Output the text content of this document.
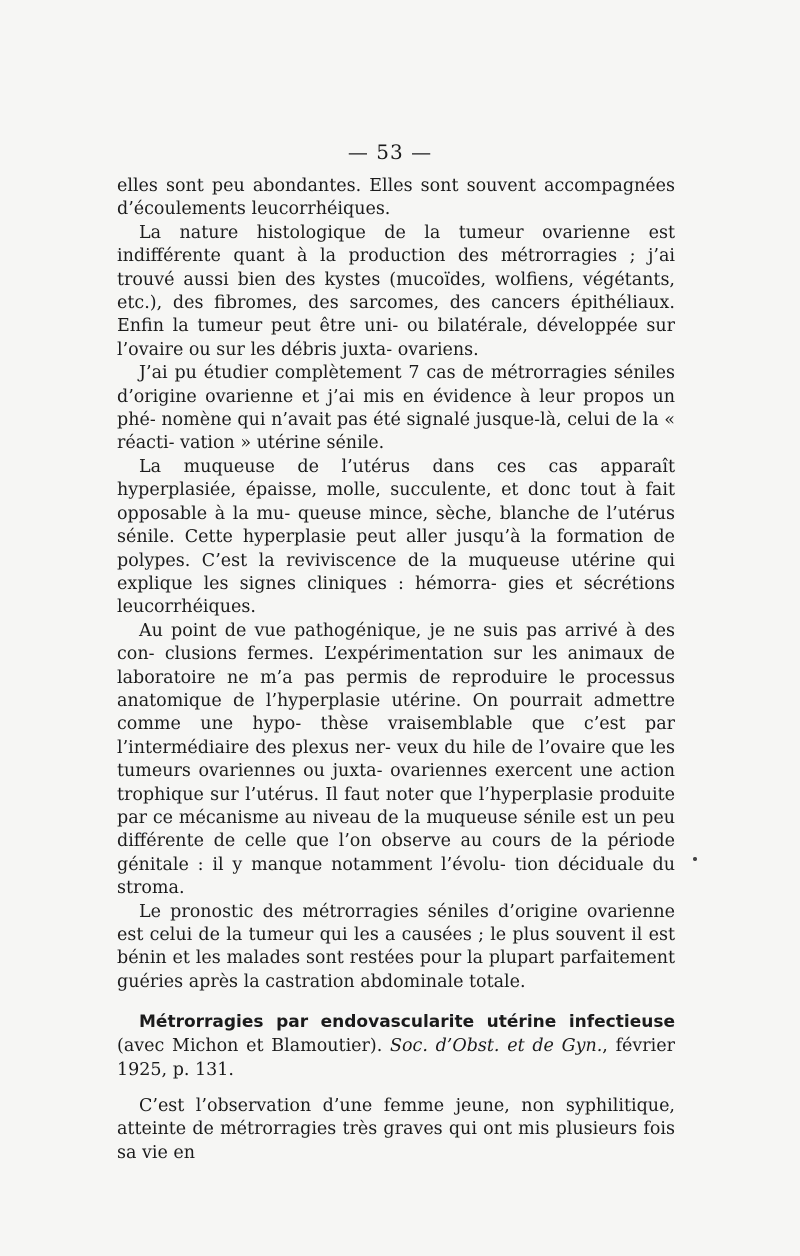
— 53 —

elles sont peu abondantes. Elles sont souvent accompagnées d’écoulements leucorrhéiques.

La nature histologique de la tumeur ovarienne est indifférente quant à la production des métrorragies ; j’ai trouvé aussi bien des kystes (mucoïdes, wolfiens, végétants, etc.), des fibromes, des sarcomes, des cancers épithéliaux. Enfin la tumeur peut être uni- ou bilatérale, développée sur l’ovaire ou sur les débris juxta- ovariens.

J’ai pu étudier complètement 7 cas de métrorragies séniles d’origine ovarienne et j’ai mis en évidence à leur propos un phé- nomène qui n’avait pas été signalé jusque-là, celui de la « réacti- vation » utérine sénile.

La muqueuse de l’utérus dans ces cas apparaît hyperplasiée, épaisse, molle, succulente, et donc tout à fait opposable à la mu- queuse mince, sèche, blanche de l’utérus sénile. Cette hyperplasie peut aller jusqu’à la formation de polypes. C’est la reviviscence de la muqueuse utérine qui explique les signes cliniques : hémorra- gies et sécrétions leucorrhéiques.

Au point de vue pathogénique, je ne suis pas arrivé à des con- clusions fermes. L’expérimentation sur les animaux de laboratoire ne m’a pas permis de reproduire le processus anatomique de l’hyperplasie utérine. On pourrait admettre comme une hypo- thèse vraisemblable que c’est par l’intermédiaire des plexus ner- veux du hile de l’ovaire que les tumeurs ovariennes ou juxta- ovariennes exercent une action trophique sur l’utérus. Il faut noter que l’hyperplasie produite par ce mécanisme au niveau de la muqueuse sénile est un peu différente de celle que l’on observe au cours de la période génitale : il y manque notamment l’évolu- tion déciduale du stroma.

Le pronostic des métrorragies séniles d’origine ovarienne est celui de la tumeur qui les a causées ; le plus souvent il est bénin et les malades sont restées pour la plupart parfaitement guéries après la castration abdominale totale.

Métrorragies par endovascularite utérine infectieuse (avec Michon et Blamoutier). Soc. d’Obst. et de Gyn., février 1925, p. 131.

C’est l’observation d’une femme jeune, non syphilitique, atteinte de métrorragies très graves qui ont mis plusieurs fois sa vie en
